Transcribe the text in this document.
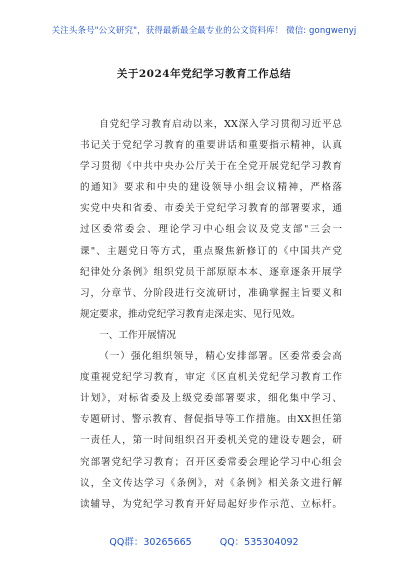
关注头条号"公文研究"，获得最新最全最专业的公文资料库！ 微信: gongwenyj
关于2024年党纪学习教育工作总结
自党纪学习教育启动以来，XX深入学习贯彻习近平总
书记关于党纪学习教育的重要讲话和重要指示精神，认真
学习贯彻《中共中央办公厅关于在全党开展党纪学习教育
的通知》要求和中央的建设领导小组会议精神，严格落
实党中央和省委、市委关于党纪学习教育的部署要求，通
过区委常委会、理论学习中心组会议及党支部"三会一
课"、主题党日等方式，重点聚焦新修订的《中国共产党
纪律处分条例》组织党员干部原原本本、逐章逐条开展学
习，分章节、分阶段进行交流研讨，准确掌握主旨要义和
规定要求，推动党纪学习教育走深走实、见行见效。
一、工作开展情况
（一）强化组织领导，精心安排部署。区委常委会高
度重视党纪学习教育，审定《区直机关党纪学习教育工作
计划》，对标省委及上级党委部署要求，细化集中学习、
专题研讨、警示教育、督促指导等工作措施。由XX担任第
一责任人，第一时间组织召开委机关党的建设专题会，研
究部署党纪学习教育；召开区委常委会理论学习中心组会
议，全文传达学习《条例》，对《条例》相关条文进行解
读辅导，为党纪学习教育开好局起好步作示范、立标杆。
QQ群：30265665	QQ：535304092
